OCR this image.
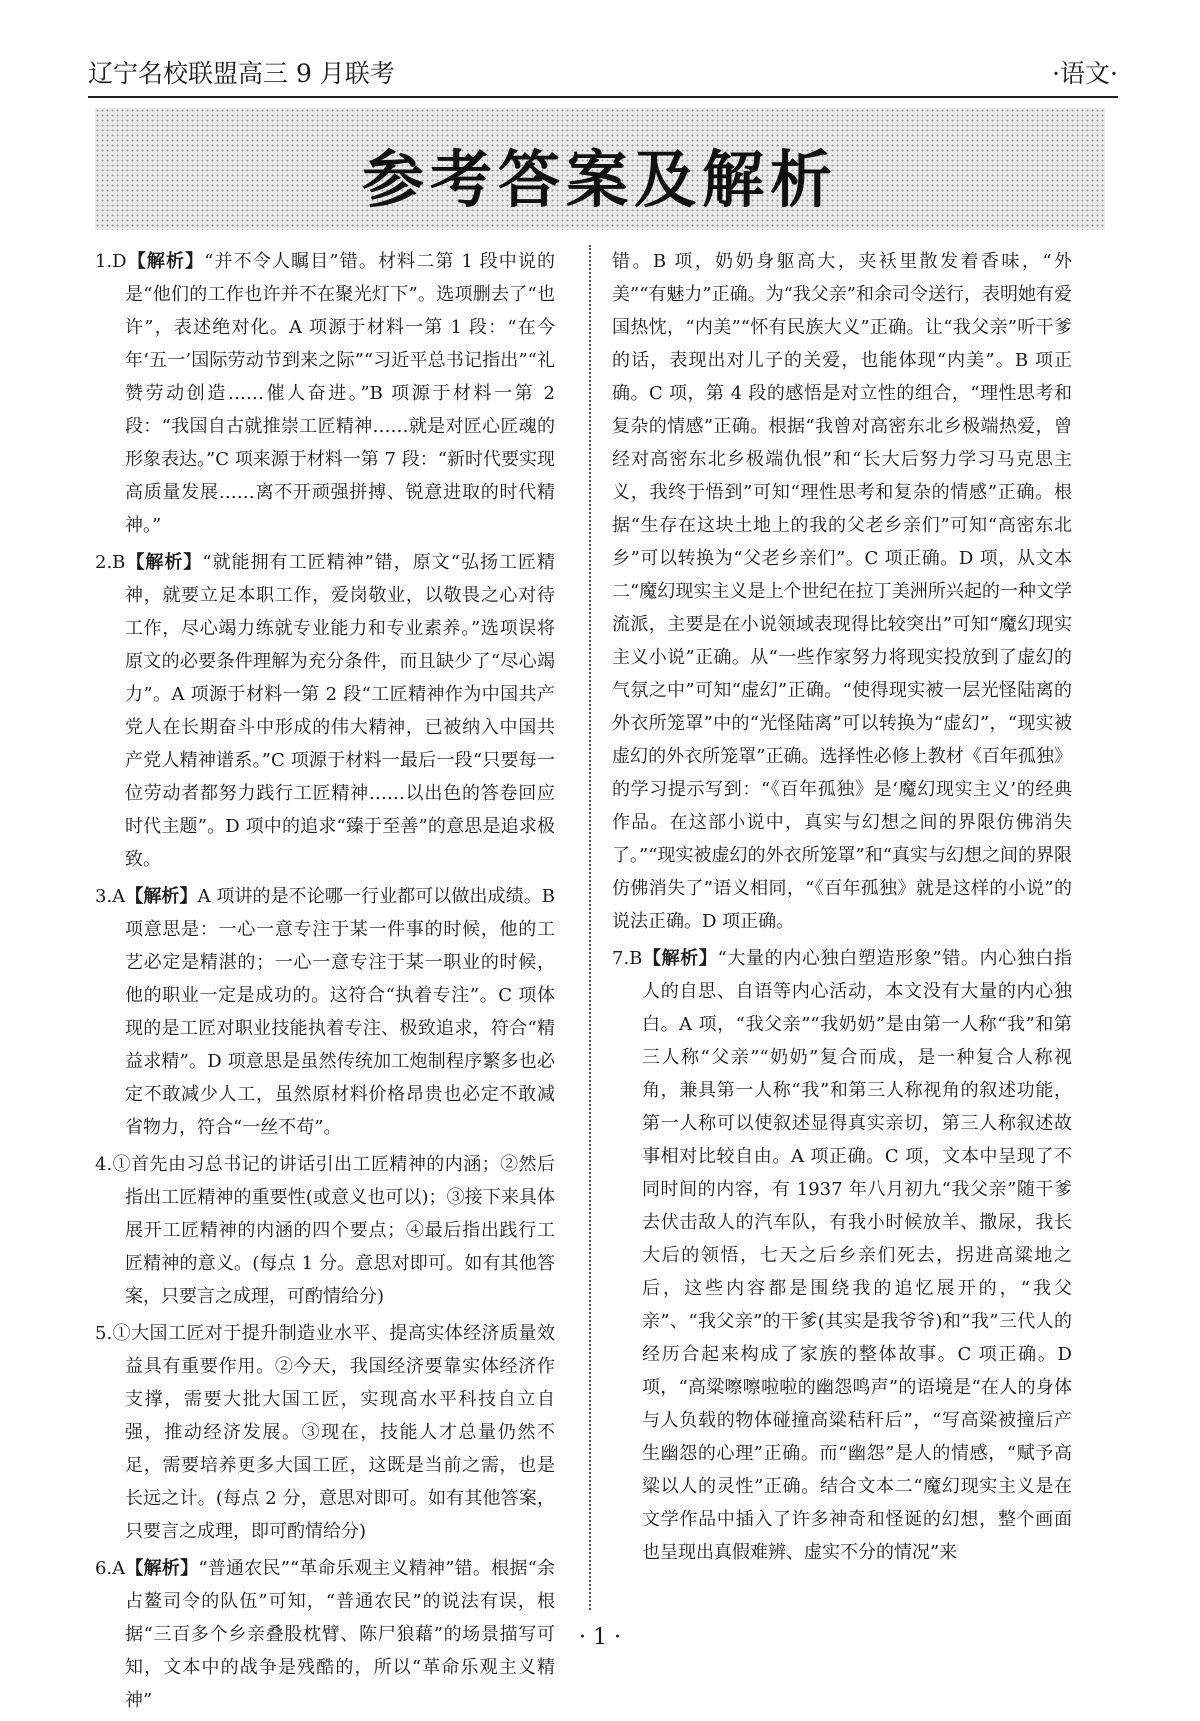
辽宁名校联盟高三 9 月联考	·语文·
参考答案及解析

1.D【解析】“并不令人瞩目”错。材料二第 1 段中说的是“他们的工作也许并不在聚光灯下”。选项删去了“也许”，表述绝对化。A 项源于材料一第 1 段：“在今年‘五一’国际劳动节到来之际”“习近平总书记指出”“礼赞劳动创造……催人奋进。”B 项源于材料一第 2 段：“我国自古就推崇工匠精神……就是对匠心匠魂的形象表达。”C 项来源于材料一第 7 段：“新时代要实现高质量发展……离不开顽强拼搏、锐意进取的时代精神。”

2.B【解析】“就能拥有工匠精神”错，原文“弘扬工匠精神，就要立足本职工作，爱岗敬业，以敬畏之心对待工作，尽心竭力练就专业能力和专业素养。”选项误将原文的必要条件理解为充分条件，而且缺少了“尽心竭力”。A 项源于材料一第 2 段“工匠精神作为中国共产党人在长期奋斗中形成的伟大精神，已被纳入中国共产党人精神谱系。”C 项源于材料一最后一段“只要每一位劳动者都努力践行工匠精神……以出色的答卷回应时代主题”。D 项中的追求“臻于至善”的意思是追求极致。

3.A【解析】A 项讲的是不论哪一行业都可以做出成绩。B 项意思是：一心一意专注于某一件事的时候，他的工艺必定是精湛的；一心一意专注于某一职业的时候，他的职业一定是成功的。这符合“执着专注”。C 项体现的是工匠对职业技能执着专注、极致追求，符合“精益求精”。D 项意思是虽然传统加工炮制程序繁多也必定不敢减少人工，虽然原材料价格昂贵也必定不敢减省物力，符合“一丝不苟”。

4.①首先由习总书记的讲话引出工匠精神的内涵；②然后指出工匠精神的重要性(或意义也可以)；③接下来具体展开工匠精神的内涵的四个要点；④最后指出践行工匠精神的意义。(每点 1 分。意思对即可。如有其他答案，只要言之成理，可酌情给分)

5.①大国工匠对于提升制造业水平、提高实体经济质量效益具有重要作用。②今天，我国经济要靠实体经济作支撑，需要大批大国工匠，实现高水平科技自立自强，推动经济发展。③现在，技能人才总量仍然不足，需要培养更多大国工匠，这既是当前之需，也是长远之计。(每点 2 分，意思对即可。如有其他答案，只要言之成理，即可酌情给分)

6.A【解析】“普通农民”“革命乐观主义精神”错。根据“余占鳌司令的队伍”可知，“普通农民”的说法有误，根据“三百多个乡亲叠股枕臂、陈尸狼藉”的场景描写可知，文本中的战争是残酷的，所以“革命乐观主义精神”

错。B 项，奶奶身躯高大，夹袄里散发着香味，“外美”“有魅力”正确。为“我父亲”和余司令送行，表明她有爱国热忱，“内美”“怀有民族大义”正确。让“我父亲”听干爹的话，表现出对儿子的关爱，也能体现“内美”。B 项正确。C 项，第 4 段的感悟是对立性的组合，“理性思考和复杂的情感”正确。根据“我曾对高密东北乡极端热爱，曾经对高密东北乡极端仇恨”和“长大后努力学习马克思主义，我终于悟到”可知“理性思考和复杂的情感”正确。根据“生存在这块土地上的我的父老乡亲们”可知“高密东北乡”可以转换为“父老乡亲们”。C 项正确。D 项，从文本二“魔幻现实主义是上个世纪在拉丁美洲所兴起的一种文学流派，主要是在小说领域表现得比较突出”可知“魔幻现实主义小说”正确。从“一些作家努力将现实投放到了虚幻的气氛之中”可知“虚幻”正确。“使得现实被一层光怪陆离的外衣所笼罩”中的“光怪陆离”可以转换为“虚幻”，“现实被虚幻的外衣所笼罩”正确。选择性必修上教材《百年孤独》的学习提示写到：“《百年孤独》是‘魔幻现实主义’的经典作品。在这部小说中，真实与幻想之间的界限仿佛消失了。”“现实被虚幻的外衣所笼罩”和“真实与幻想之间的界限仿佛消失了”语义相同，“《百年孤独》就是这样的小说”的说法正确。D 项正确。

7.B【解析】“大量的内心独白塑造形象”错。内心独白指人的自思、自语等内心活动，本文没有大量的内心独白。A 项，“我父亲”“我奶奶”是由第一人称“我”和第三人称“父亲”“奶奶”复合而成，是一种复合人称视角，兼具第一人称“我”和第三人称视角的叙述功能，第一人称可以使叙述显得真实亲切，第三人称叙述故事相对比较自由。A 项正确。C 项，文本中呈现了不同时间的内容，有 1937 年八月初九“我父亲”随干爹去伏击敌人的汽车队，有我小时候放羊、撒尿，我长大后的领悟，七天之后乡亲们死去，拐进高粱地之后，这些内容都是围绕我的追忆展开的，“我父亲”、“我父亲”的干爹(其实是我爷爷)和“我”三代人的经历合起来构成了家族的整体故事。C 项正确。D 项，“高粱嚓嚓啦啦的幽怨鸣声”的语境是“在人的身体与人负载的物体碰撞高粱秸秆后”，“写高粱被撞后产生幽怨的心理”正确。而“幽怨”是人的情感，“赋予高粱以人的灵性”正确。结合文本二“魔幻现实主义是在文学作品中插入了许多神奇和怪诞的幻想，整个画面也呈现出真假难辨、虚实不分的情况”来

· 1 ·
